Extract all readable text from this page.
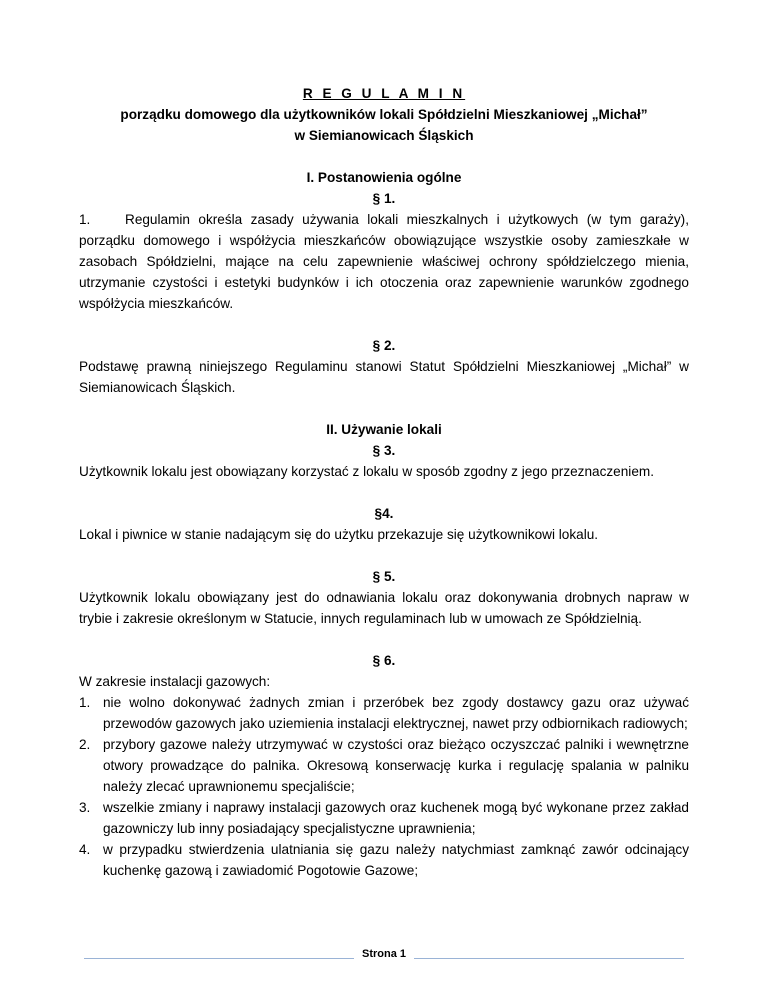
R E G U L A M I N
porządku domowego dla użytkowników lokali Spółdzielni Mieszkaniowej „Michał”
w Siemianowicach Śląskich
I. Postanowienia ogólne
§ 1.
1.	Regulamin określa zasady używania lokali mieszkalnych i użytkowych (w tym garaży), porządku domowego i współżycia mieszkańców obowiązujące wszystkie osoby zamieszkałe w zasobach Spółdzielni, mające na celu zapewnienie właściwej ochrony spółdzielczego mienia, utrzymanie czystości i estetyki budynków i ich otoczenia oraz zapewnienie warunków zgodnego współżycia mieszkańców.
§ 2.
Podstawę prawną niniejszego Regulaminu stanowi Statut Spółdzielni Mieszkaniowej „Michał” w Siemianowicach Śląskich.
II. Używanie lokali
§ 3.
Użytkownik lokalu jest obowiązany korzystać z lokalu w sposób zgodny z jego przeznaczeniem.
§4.
Lokal i piwnice w stanie nadającym się do użytku przekazuje się użytkownikowi lokalu.
§ 5.
Użytkownik lokalu obowiązany jest do odnawiania lokalu oraz dokonywania drobnych napraw w trybie i zakresie określonym w Statucie, innych regulaminach lub w umowach ze Spółdzielnią.
§ 6.
W zakresie instalacji gazowych:
1. nie wolno dokonywać żadnych zmian i przeróbek bez zgody dostawcy gazu oraz używać przewodów gazowych jako uziemienia instalacji elektrycznej, nawet przy odbiornikach radiowych;
2. przybory gazowe należy utrzymywać w czystości oraz bieżąco oczyszczać palniki i wewnętrzne otwory prowadzące do palnika. Okresową konserwację kurka i regulację spalania w palniku należy zlecać uprawnionemu specjaliście;
3. wszelkie zmiany i naprawy instalacji gazowych oraz kuchenek mogą być wykonane przez zakład gazowniczy lub inny posiadający specjalistyczne uprawnienia;
4. w przypadku stwierdzenia ulatniania się gazu należy natychmiast zamknąć zawór odcinający kuchenkę gazową i zawiadomić Pogotowie Gazowe;
Strona 1
